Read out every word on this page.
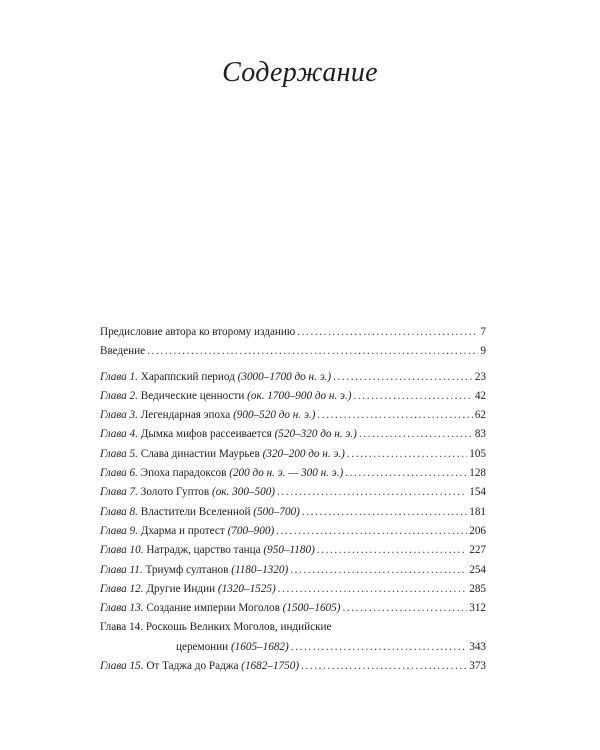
Содержание
Предисловие автора ко второму изданию .....	7
Введение .....	9
Глава 1. Хараппский период (3000–1700 до н. э.) .....	23
Глава 2. Ведические ценности (ок. 1700–900 до н. э.) .....	42
Глава 3. Легендарная эпоха (900–520 до н. э.) .....	62
Глава 4. Дымка мифов рассеивается (520–320 до н. э.) .....	83
Глава 5. Слава династии Маурьев (320–200 до н. э.) .....	105
Глава 6. Эпоха парадоксов (200 до н. э. — 300 н. э.) .....	128
Глава 7. Золото Гуптов (ок. 300–500) .....	154
Глава 8. Властители Вселенной (500–700) .....	181
Глава 9. Дхарма и протест (700–900) .....	206
Глава 10. Натрадж, царство танца (950–1180) .....	227
Глава 11. Триумф султанов (1180–1320) .....	254
Глава 12. Другие Индии (1320–1525) .....	285
Глава 13. Создание империи Моголов (1500–1605) .....	312
Глава 14. Роскошь Великих Моголов, индийские
церемонии (1605–1682) .....	343
Глава 15. От Таджа до Раджа (1682–1750) .....	373
